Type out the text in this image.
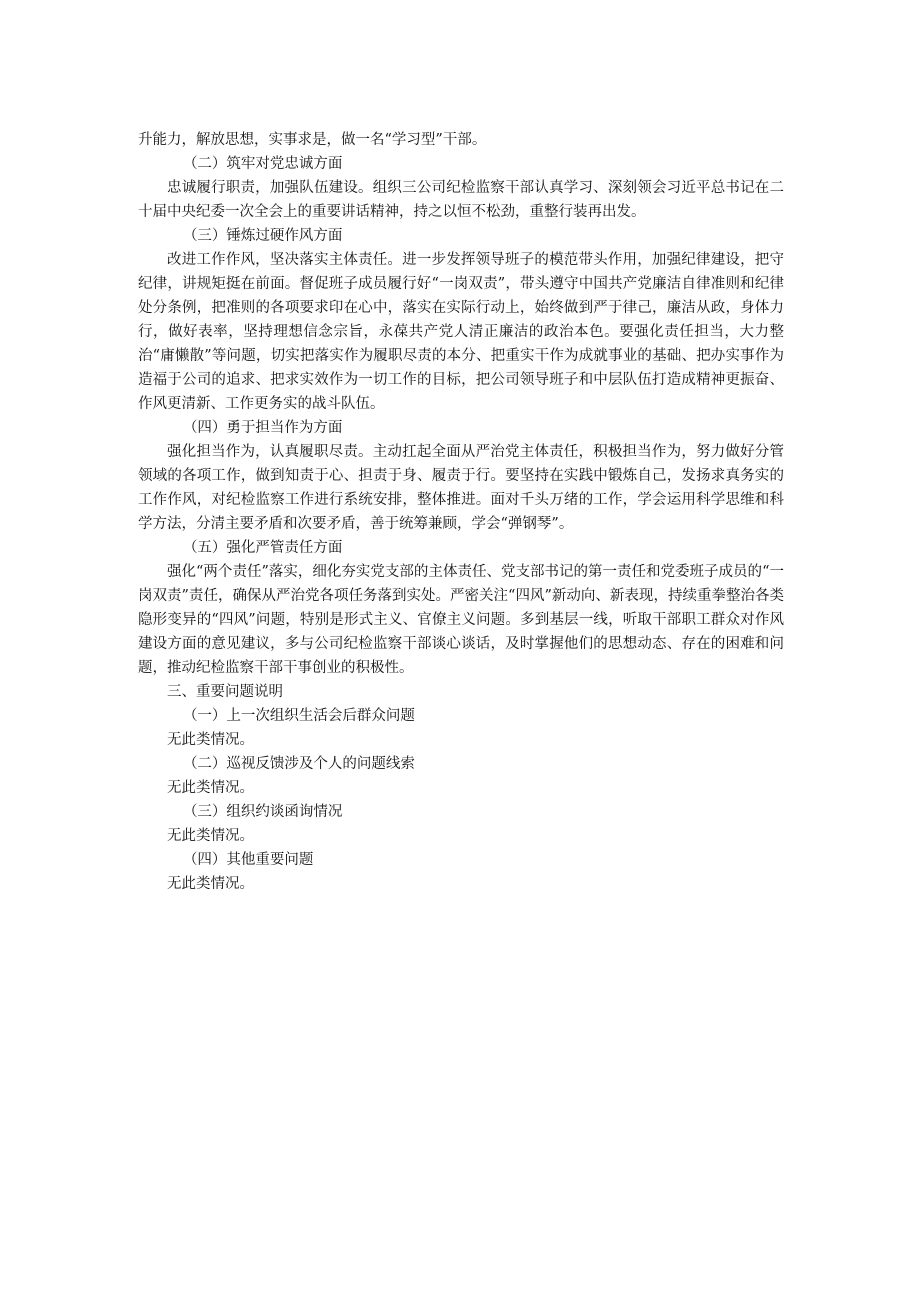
升能力，解放思想，实事求是，做一名“学习型”干部。

（二）筑牢对党忠诚方面

忠诚履行职责，加强队伍建设。组织三公司纪检监察干部认真学习、深刻领会习近平总书记在二十届中央纪委一次全会上的重要讲话精神，持之以恒不松劲，重整行装再出发。

（三）锤炼过硬作风方面

改进工作作风，坚决落实主体责任。进一步发挥领导班子的模范带头作用，加强纪律建设，把守纪律，讲规矩挺在前面。督促班子成员履行好“一岗双责”，带头遵守中国共产党廉洁自律准则和纪律处分条例，把准则的各项要求印在心中，落实在实际行动上，始终做到严于律己，廉洁从政，身体力行，做好表率，坚持理想信念宗旨，永葆共产党人清正廉洁的政治本色。要强化责任担当，大力整治“庸懒散”等问题，切实把落实作为履职尽责的本分、把重实干作为成就事业的基础、把办实事作为造福于公司的追求、把求实效作为一切工作的目标，把公司领导班子和中层队伍打造成精神更振奋、作风更清新、工作更务实的战斗队伍。

（四）勇于担当作为方面

强化担当作为，认真履职尽责。主动扛起全面从严治党主体责任，积极担当作为，努力做好分管领域的各项工作，做到知责于心、担责于身、履责于行。要坚持在实践中锻炼自己，发扬求真务实的工作作风，对纪检监察工作进行系统安排，整体推进。面对千头万绪的工作，学会运用科学思维和科学方法，分清主要矛盾和次要矛盾，善于统筹兼顾，学会“弹钢琴”。

（五）强化严管责任方面

强化“两个责任”落实，细化夯实党支部的主体责任、党支部书记的第一责任和党委班子成员的“一岗双责”责任，确保从严治党各项任务落到实处。严密关注“四风”新动向、新表现，持续重拳整治各类隐形变异的“四风”问题，特别是形式主义、官僚主义问题。多到基层一线，听取干部职工群众对作风建设方面的意见建议，多与公司纪检监察干部谈心谈话，及时掌握他们的思想动态、存在的困难和问题，推动纪检监察干部干事创业的积极性。

三、重要问题说明

（一）上一次组织生活会后群众问题

无此类情况。

（二）巡视反馈涉及个人的问题线索

无此类情况。

（三）组织约谈函询情况

无此类情况。

（四）其他重要问题

无此类情况。
